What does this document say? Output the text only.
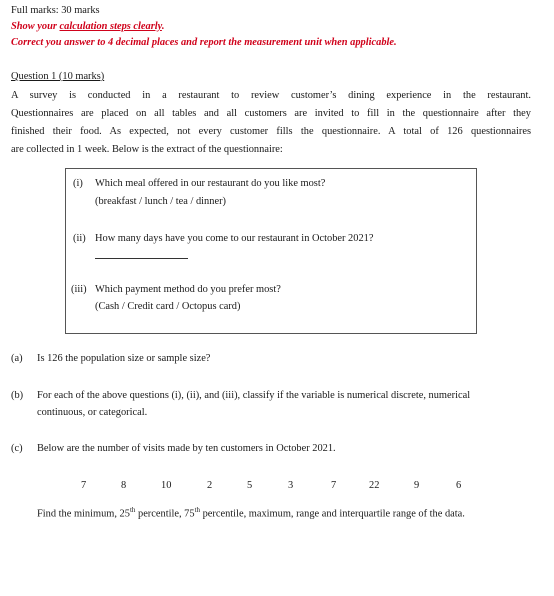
Full marks: 30 marks
Show your calculation steps clearly.
Correct you answer to 4 decimal places and report the measurement unit when applicable.
Question 1 (10 marks)
A survey is conducted in a restaurant to review customer’s dining experience in the restaurant.
Questionnaires are placed on all tables and all customers are invited to fill in the questionnaire after they
finished their food. As expected, not every customer fills the questionnaire. A total of 126 questionnaires
are collected in 1 week. Below is the extract of the questionnaire:
(i) Which meal offered in our restaurant do you like most?
(breakfast / lunch / tea / dinner)
(ii) How many days have you come to our restaurant in October 2021?
(iii) Which payment method do you prefer most?
(Cash / Credit card / Octopus card)
(a) Is 126 the population size or sample size?
(b) For each of the above questions (i), (ii), and (iii), classify if the variable is numerical discrete, numerical
continuous, or categorical.
(c) Below are the number of visits made by ten customers in October 2021.
7	8	10	2	5	3	7	22	9	6
Find the minimum, 25th percentile, 75th percentile, maximum, range and interquartile range of the data.
